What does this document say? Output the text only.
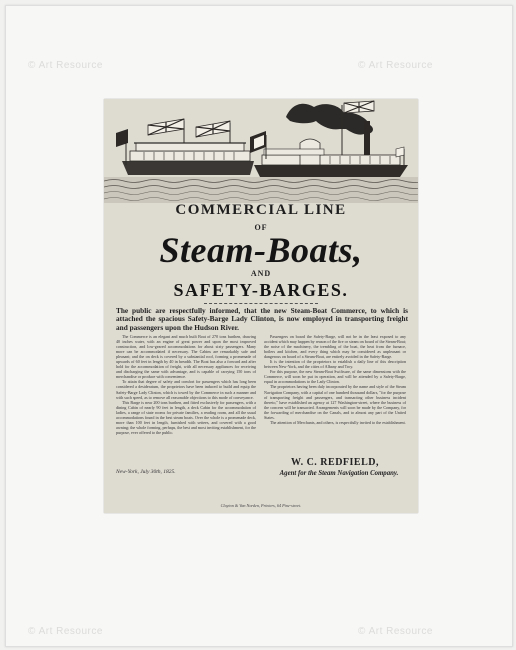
© Art Resource	© Art Resource
© Art Resource	© Art Resource
COMMERCIAL LINE
OF
Steam-Boats,
AND
SAFETY-BARGES.
The public are respectfully informed, that the new Steam-Boat Commerce, to which is attached the spacious Safety-Barge Lady Clinton, is now employed in transporting freight and passengers upon the Hudson River.

The Commerce is an elegant and much built Boat of 270 tons burthen, drawing 40 inches water, with an engine of great power and upon the most improved construction, and low-geared accommodations for about sixty passengers. Many more can be accommodated if necessary. The Cabins are remarkably safe and pleasant; and the on deck is covered by a substantial roof, forming a promenade of upwards of 60 feet in length by 40 in breadth. The Boat has also a forward and after hold for the accommodation of freight, with all necessary appliances for receiving and discharging the same with advantage, and is capable of carrying 150 tons of merchandise or produce with convenience.

To attain that degree of safety and comfort for passengers which has long been considered a desideratum, the proprietors have been induced to build and equip the Safety-Barge Lady Clinton, which is towed by the Commerce in such a manner and with such speed, as to remove all reasonable objections to this mode of conveyance.

This Barge is near 200 tons burthen, and fitted exclusively for passengers, with a dining Cabin of nearly 90 feet in length, a deck Cabin for the accommodation of ladies, a range of state rooms for private families, a reading room, and all the usual accommodations found in the best steam boats. Over the whole is a promenade deck, more than 100 feet in length, furnished with settees, and covered with a good awning; the whole forming, perhaps, the best and most inviting establishment, for the purpose, ever offered to the public.

Passengers on board the Safety-Barge, will not be in the least exposed to any accident which may happen by reason of the fire or steam on board of the Steam-Boat; the noise of the machinery, the trembling of the boat, the heat from the furnace, boilers and kitchen, and every thing which may be considered as unpleasant or dangerous on board of a Steam-Boat, are entirely avoided in the Safety-Barge.

It is the intention of the proprietors to establish a daily line of this description between New-York, and the cities of Albany and Troy.

For this purpose, the new Steam-Boat Swiftsure, of the same dimensions with the Commerce, will soon be put in operation, and will be attended by a Safety-Barge, equal in accommodations to the Lady Clinton.

The proprietors having been duly incorporated by the name and style of the Steam Navigation Company, with a capital of one hundred thousand dollars, "for the purpose of transporting freight and passengers, and transacting other business incident thereto," have established an agency at 127 Washington-street, where the business of the concern will be transacted. Arrangements will soon be made by the Company, for the forwarding of merchandise on the Canals, and to almost any part of the United States.

The attention of Merchants, and others, is respectfully invited to the establishment.

New-York, July 30th, 1825.
W. C. REDFIELD,
Agent for the Steam Navigation Company.
Clayton & Van Norden, Printers, 64 Pine-street.
